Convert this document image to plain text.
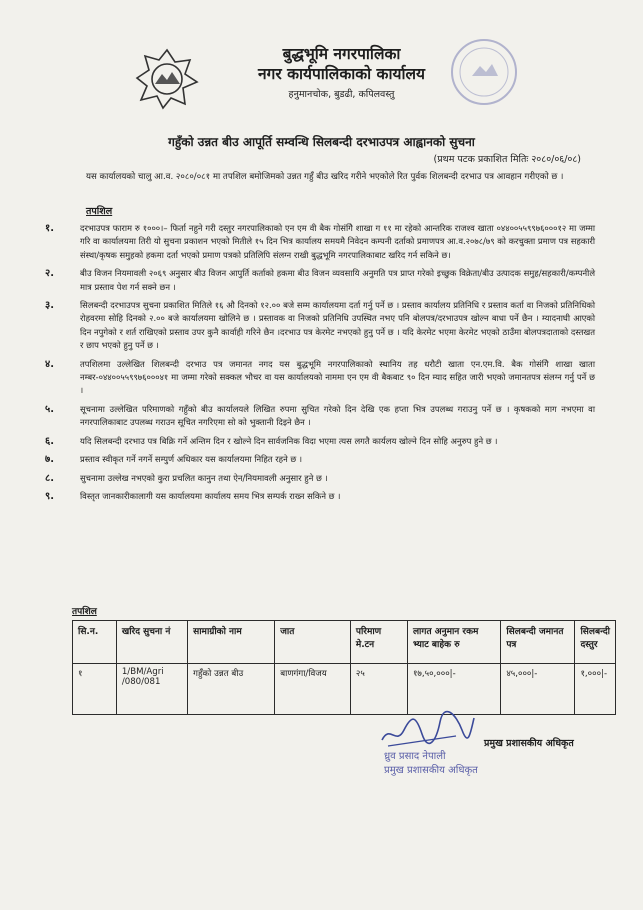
बुद्धभूमि नगरपालिका
नगर कार्यपालिकाको कार्यालय
हनुमानचोक, बुडढी, कपिलवस्तु
गहुँको उन्नत बीउ आपूर्ति सम्वन्धि सिलबन्दी दरभाउपत्र आह्वानको सुचना
(प्रथम पटक प्रकाशित मितिः २०८०/०६/०८)
यस कार्यालयको चालु आ.व. २०८०/०८१ मा तपशिल बमोजिमको उन्नत गहुँ बीउ खरिद गरीने भएकोले रित पुर्वक शिलबन्दी दरभाउ पत्र आवहान गरीएको छ ।
तपशिल
१.	दरभाउपत्र फाराम रु १०००।– फिर्ता नहुने गरी दस्तुर नगरपालिकाको एन एम वी बैक गोसंगिे शाखा ग ११ मा रहेको आन्तरिक राजश्व खाता ०४४००५५९९७६०००१२ मा जम्मा गरि वा कार्यालयमा तिरी यो सुचना प्रकाशन भएको मितीले १५ दिन भित्र कार्यालय समयमै निवेदन कम्पनी दर्ताको प्रमाणपत्र आ.व.२०७८/७९ को करचुक्ता प्रमाण पत्र सहकारी संस्था/कृषक समुहको हकमा दर्ता भएको प्रमाण पत्रको प्रतिलिपि संलग्न राखी बुद्धभूमि नगरपालिकाबाट खरिद गर्न सकिने छ।
२.	बीउ विजन नियमावली २०६९ अनुसार बीउ विजन आपुर्ति कर्ताको हकमा बीउ विजन व्यवसायि अनुमति पत्र प्राप्त गरेको इच्छुक विक्रेता/बीउ उत्पादक समुह/सहकारी/कम्पनीले मात्र प्रस्ताव पेश गर्न सक्ने छन ।
३.	सिलबन्दी दरभाउपत्र सुचना प्रकाशित मितिले १६ औ दिनको १२.०० बजे सम्म कार्यालयमा दर्ता गर्नु पर्ने छ । प्रस्ताव कार्यालय प्रतिनिधि र प्रस्ताव कर्ता वा निजको प्रतिनिधिको रोहवरमा सोहि दिनको २.०० बजे कार्यालयमा खोलिने छ । प्रस्तावक वा निजको प्रतिनिधि उपस्थित नभए पनि बोलपत्र/दरभाउपत्र खोल्न बाधा पर्ने छैन । म्यादनाघी आएको दिन नपुगेको र शर्त राखिएको प्रस्ताव उपर कुनै कार्वाही गरिने छैन ।दरभाउ पत्र केरमेट नभएको हुनु पर्ने छ । यदि केरमेट भएमा केरमेट भएको ठाउँमा बोलपत्रदाताको दस्तखत र छाप भएको हुनु पर्ने छ ।
४.	तपशिलमा उल्लेखित शिलबन्दी दरभाउ पत्र जमानत नगद यस बुद्धभूमि नगरपालिकाको स्थानिय तह धरौटी खाता एन.एम.वि. बैक गोसंगिे शाखा खाता नम्बर-०४४००५५९९७६०००४१ मा जम्मा गरेको सक्कल भौचर वा यस कार्यालयको नाममा एन एम वी बैकबाट ९० दिन म्याद सहित जारी भएको जमानतपत्र संलग्न गर्नु पर्ने छ ।
५.	सूचनामा उल्लेखित परिमाणको गहुँको बीउ कार्यालयले लिखित रुपमा सुचित गरेको दिन देखि एक हप्ता भित्र उपलब्ध गराउनु पर्ने छ । कृषकको माग नभएमा वा नगरपालिकाबाट उपलब्ध गराउन सूचित नगरिएमा सो को भुक्तानी दिइने छैन ।
६.	यदि सिलबन्दी दरभाउ पत्र बिक्रि गर्ने अन्तिम दिन र खोल्ने दिन सार्वजनिक विदा भएमा त्यस लगतै कार्यलय खोल्ने दिन सोहि अनुरुप हुने छ ।
७.	प्रस्ताव स्वीकृत गर्ने नगर्ने सम्पुर्ण अधिकार यस कार्यालयमा निहित रहने छ ।
८.	सुचनामा उल्लेख नभएको कुरा प्रचलित कानुन तथा ऐन/नियमावली अनुसार हुने छ ।
९.	विस्तृत जानकारीकालागी यस कार्यालयमा कार्यालय समय भित्र सम्पर्क राख्न सकिने छ ।
तपशिल
सि.न.	खरिद सुचना नं	सामाग्रीको नाम	जात	परिमाण मे.टन	लागत अनुमान रकम भ्याट बाहेक रु	सिलबन्दी जमानत पत्र	सिलबन्दी दस्तुर
१	1/BM/Agri /080/081	गहुँको उन्नत बीउ	बाणगंगा/विजय	२५	१७,५०,०००|-	४५,०००|-	१,०००|-
प्रमुख प्रशासकीय अधिकृत
ध्रुव प्रसाद नेपाली
प्रमुख प्रशासकीय अधिकृत
